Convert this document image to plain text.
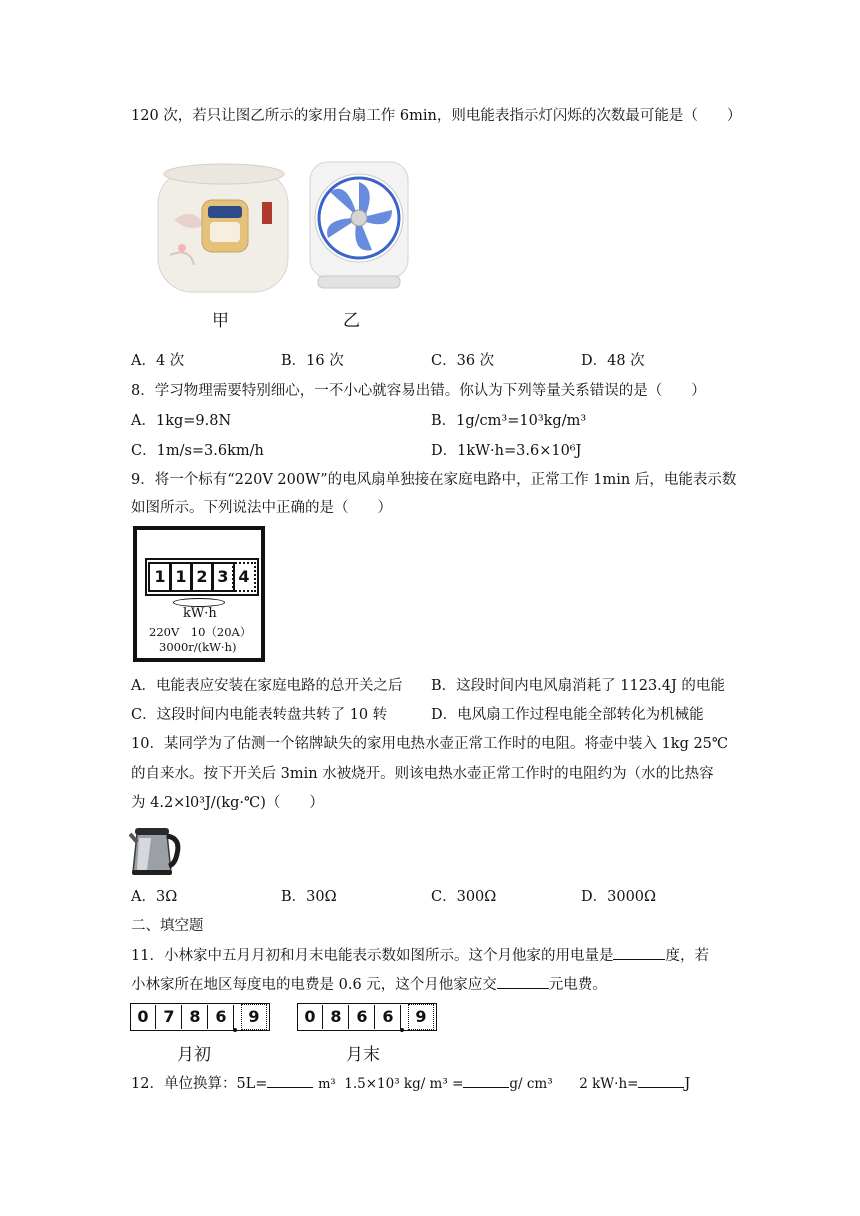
120 次，若只让图乙所示的家用台扇工作 6min，则电能表指示灯闪烁的次数最可能是（　　）
甲	乙
A．4 次	B．16 次	C．36 次	D．48 次
8．学习物理需要特别细心，一不小心就容易出错。你认为下列等量关系错误的是（　　）
A．1kg=9.8N	B．1g/cm³=10³kg/m³
C．1m/s=3.6km/h	D．1kW·h=3.6×10⁶J
9．将一个标有“220V 200W”的电风扇单独接在家庭电路中，正常工作 1min 后，电能表示数
如图所示。下列说法中正确的是（　　）
1 1 2 3 4
kW·h
220V　10（20A）
3000r/(kW·h)
A．电能表应安装在家庭电路的总开关之后	B．这段时间内电风扇消耗了 1123.4J 的电能
C．这段时间内电能表转盘共转了 10 转	D．电风扇工作过程电能全部转化为机械能
10．某同学为了估测一个铭牌缺失的家用电热水壶正常工作时的电阻。将壶中装入 1kg 25℃
的自来水。按下开关后 3min 水被烧开。则该电热水壶正常工作时的电阻约为（水的比热容
为 4.2×l0³J/(kg·℃)（　　）
A．3Ω	B．30Ω	C．300Ω	D．3000Ω
二、填空题
11．小林家中五月月初和月末电能表示数如图所示。这个月他家的用电量是	度，若
小林家所在地区每度电的电费是 0.6 元，这个月他家应交	元电费。
0 7 8 6	9
月初
0 8 6 6	9
月末
12．单位换算：5L=	m³ 1.5×10³ kg/ m³ =	g/ cm³ 2 kW·h=	J
